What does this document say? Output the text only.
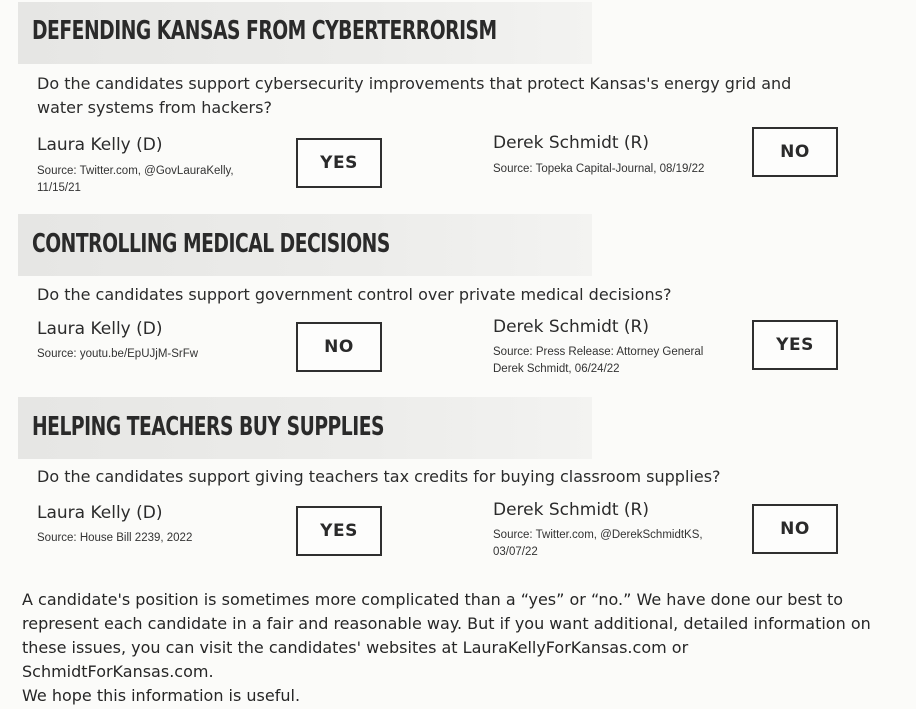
DEFENDING KANSAS FROM CYBERTERRORISM
Do the candidates support cybersecurity improvements that protect Kansas's energy grid and
water systems from hackers?
Laura Kelly (D)
Source: Twitter.com, @GovLauraKelly,
11/15/21
YES
Derek Schmidt (R)
Source: Topeka Capital-Journal, 08/19/22
NO
CONTROLLING MEDICAL DECISIONS
Do the candidates support government control over private medical decisions?
Laura Kelly (D)
Source: youtu.be/EpUJjM-SrFw	NO
Derek Schmidt (R)
Source: Press Release: Attorney General
Derek Schmidt, 06/24/22
YES
HELPING TEACHERS BUY SUPPLIES
Do the candidates support giving teachers tax credits for buying classroom supplies?
Laura Kelly (D)
Source: House Bill 2239, 2022	YES
Derek Schmidt (R)
Source: Twitter.com, @DerekSchmidtKS,
03/07/22
NO
A candidate's position is sometimes more complicated than a “yes” or “no.” We have done our best to
represent each candidate in a fair and reasonable way. But if you want additional, detailed information on
these issues, you can visit the candidates' websites at LauraKellyForKansas.com or SchmidtForKansas.com.
We hope this information is useful.
